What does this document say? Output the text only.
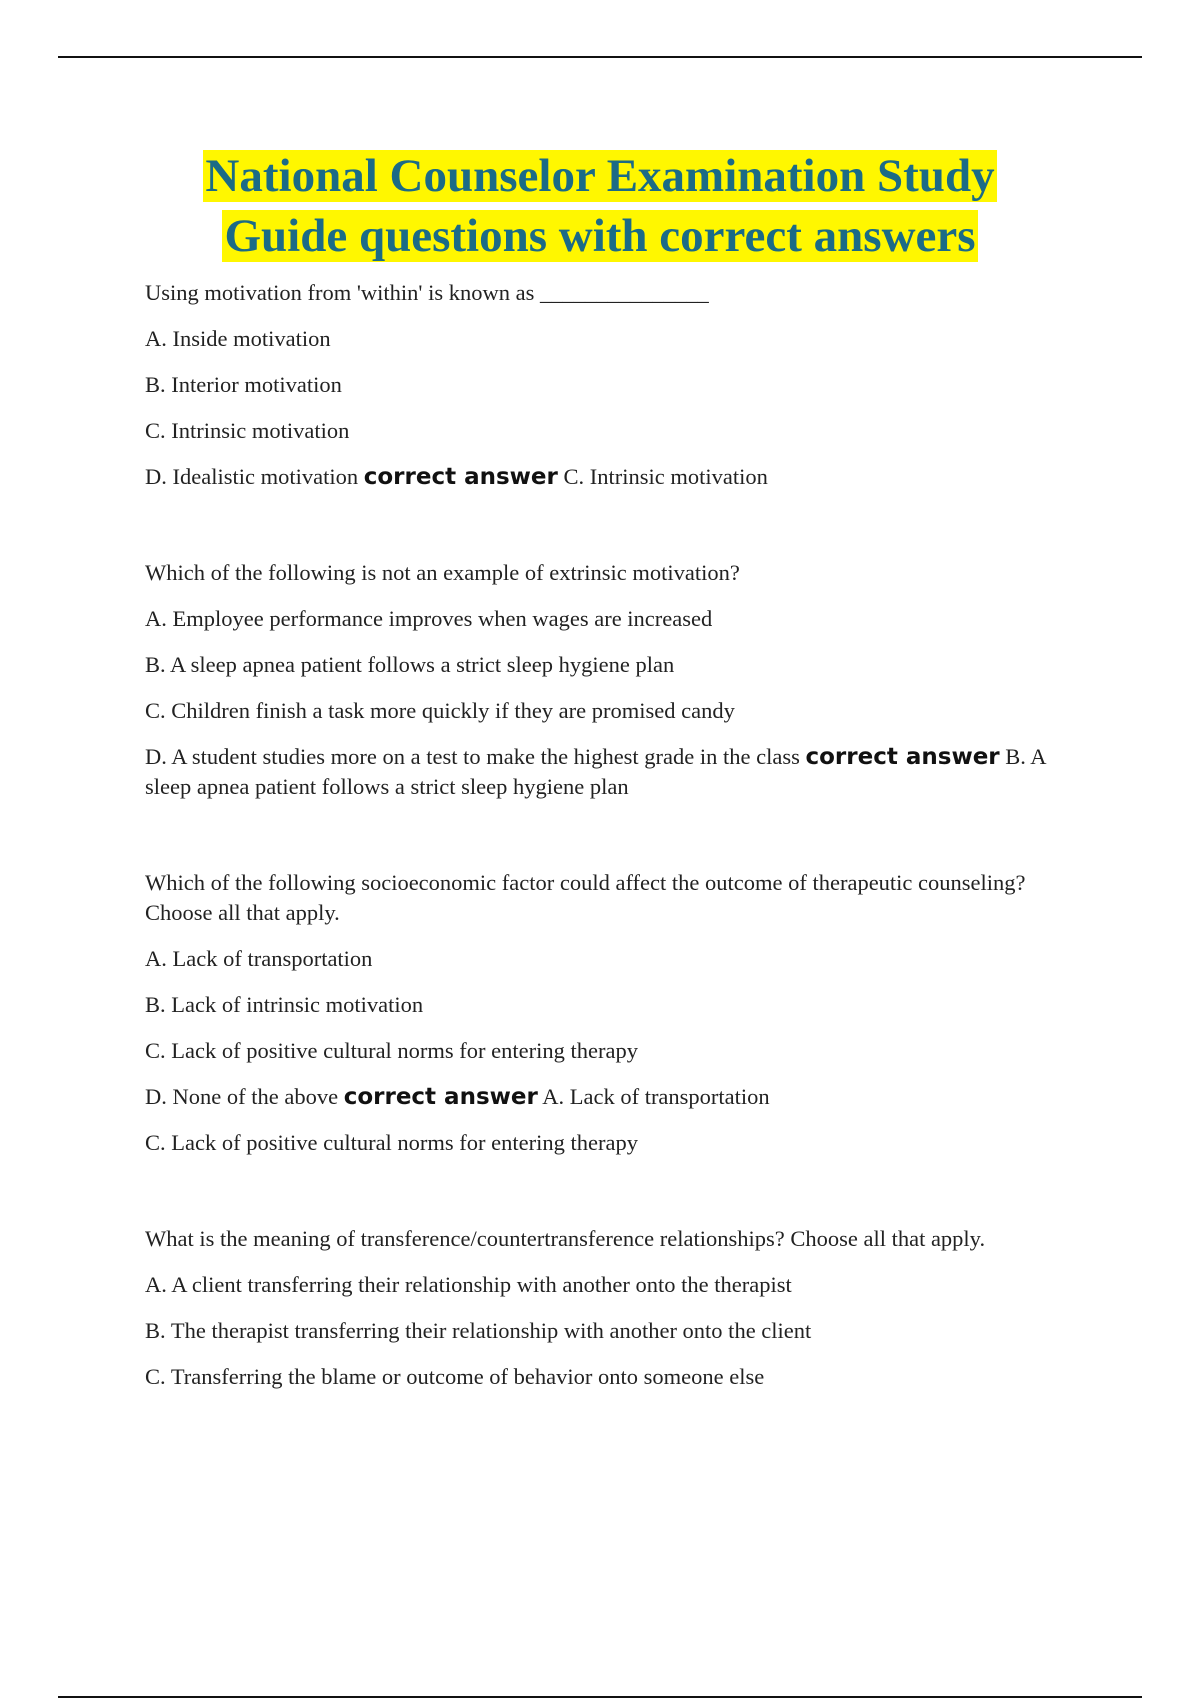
National Counselor Examination Study
Guide questions with correct answers

Using motivation from 'within' is known as _______________

A. Inside motivation

B. Interior motivation

C. Intrinsic motivation

D. Idealistic motivation correct answer C. Intrinsic motivation

Which of the following is not an example of extrinsic motivation?

A. Employee performance improves when wages are increased

B. A sleep apnea patient follows a strict sleep hygiene plan

C. Children finish a task more quickly if they are promised candy

D. A student studies more on a test to make the highest grade in the class correct answer B. A sleep apnea patient follows a strict sleep hygiene plan

Which of the following socioeconomic factor could affect the outcome of therapeutic counseling? Choose all that apply.

A. Lack of transportation

B. Lack of intrinsic motivation

C. Lack of positive cultural norms for entering therapy

D. None of the above correct answer A. Lack of transportation

C. Lack of positive cultural norms for entering therapy

What is the meaning of transference/countertransference relationships? Choose all that apply.

A. A client transferring their relationship with another onto the therapist

B. The therapist transferring their relationship with another onto the client

C. Transferring the blame or outcome of behavior onto someone else
